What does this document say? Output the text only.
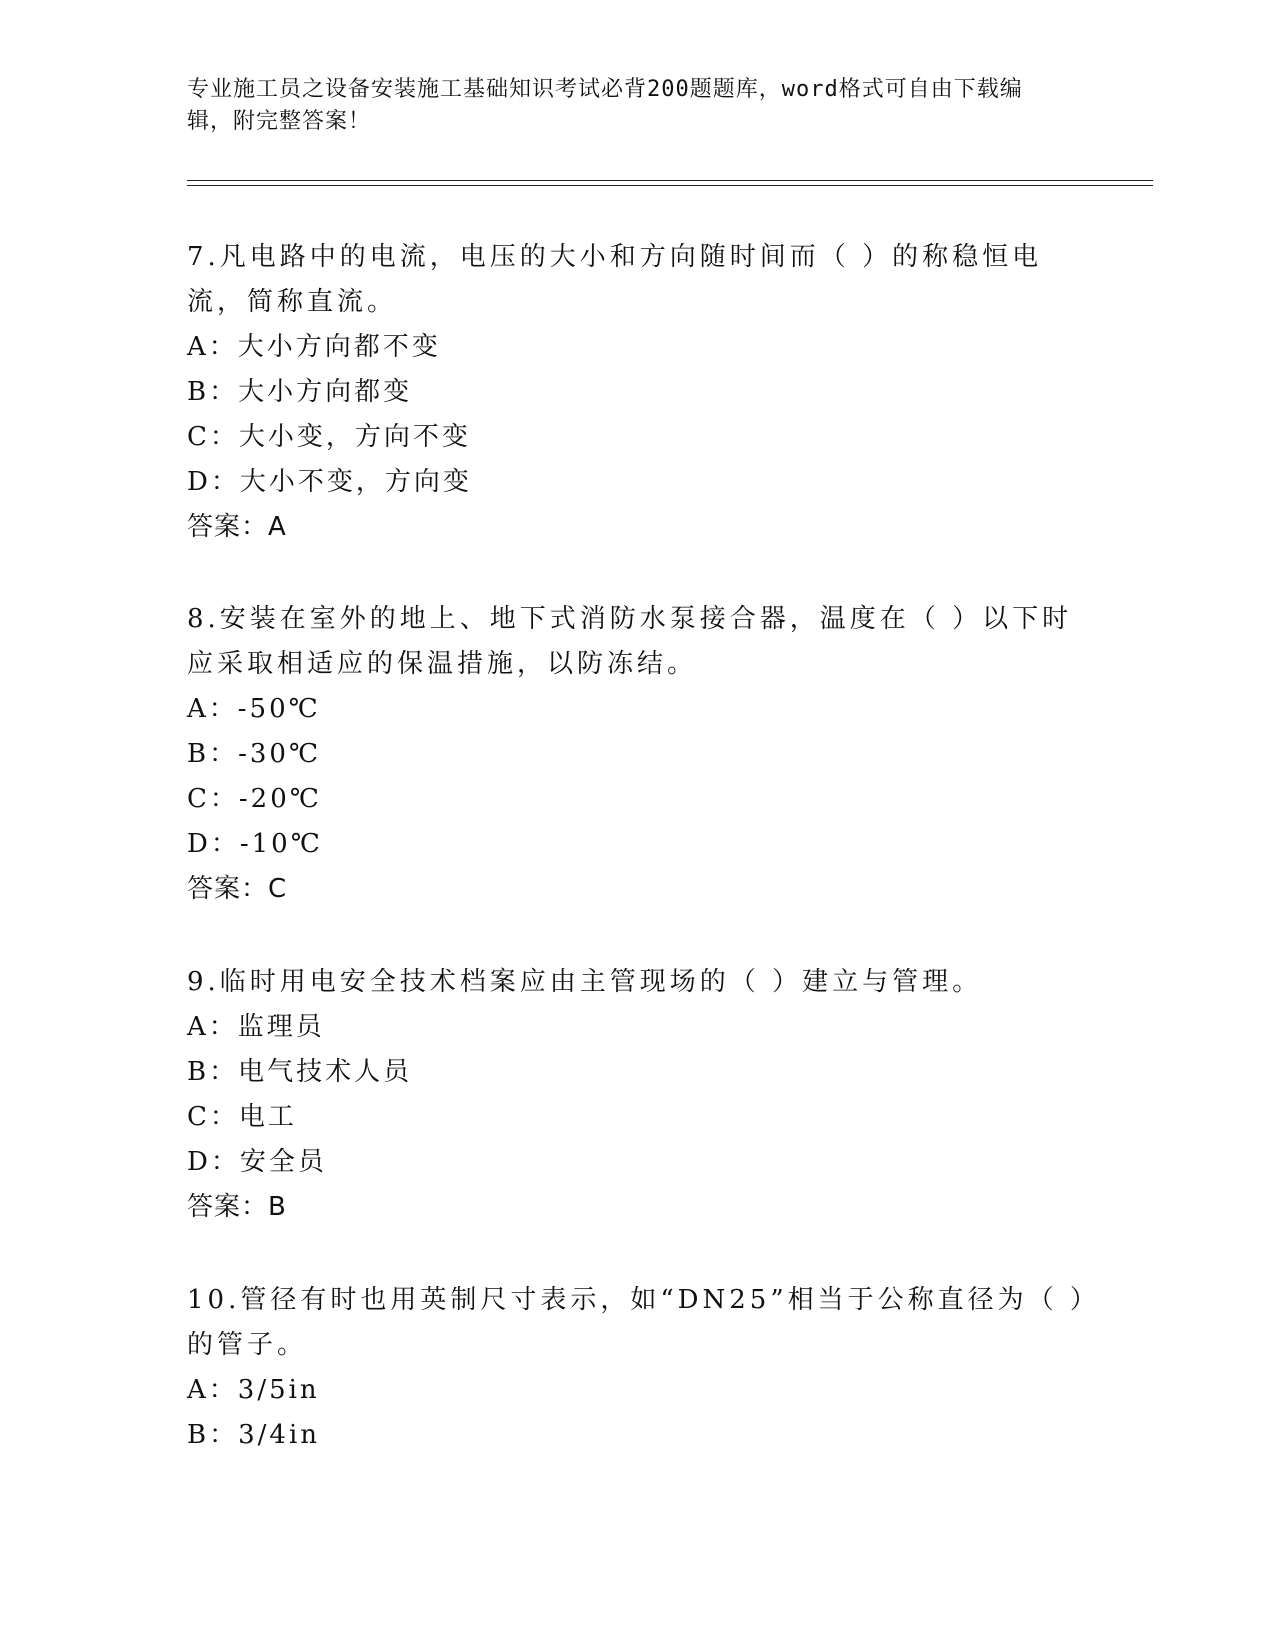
专业施工员之设备安装施工基础知识考试必背200题题库，word格式可自由下载编辑，附完整答案！

7.凡电路中的电流，电压的大小和方向随时间而（ ）的称稳恒电流，简称直流。

A：大小方向都不变

B：大小方向都变

C：大小变，方向不变

D：大小不变，方向变

答案：A

8.安装在室外的地上、地下式消防水泵接合器，温度在（ ）以下时应采取相适应的保温措施，以防冻结。

A：-50℃

B：-30℃

C：-20℃

D：-10℃

答案：C

9.临时用电安全技术档案应由主管现场的（ ）建立与管理。

A：监理员

B：电气技术人员

C：电工

D：安全员

答案：B

10.管径有时也用英制尺寸表示，如“DN25”相当于公称直径为（ ）的管子。

A：3/5in

B：3/4in
